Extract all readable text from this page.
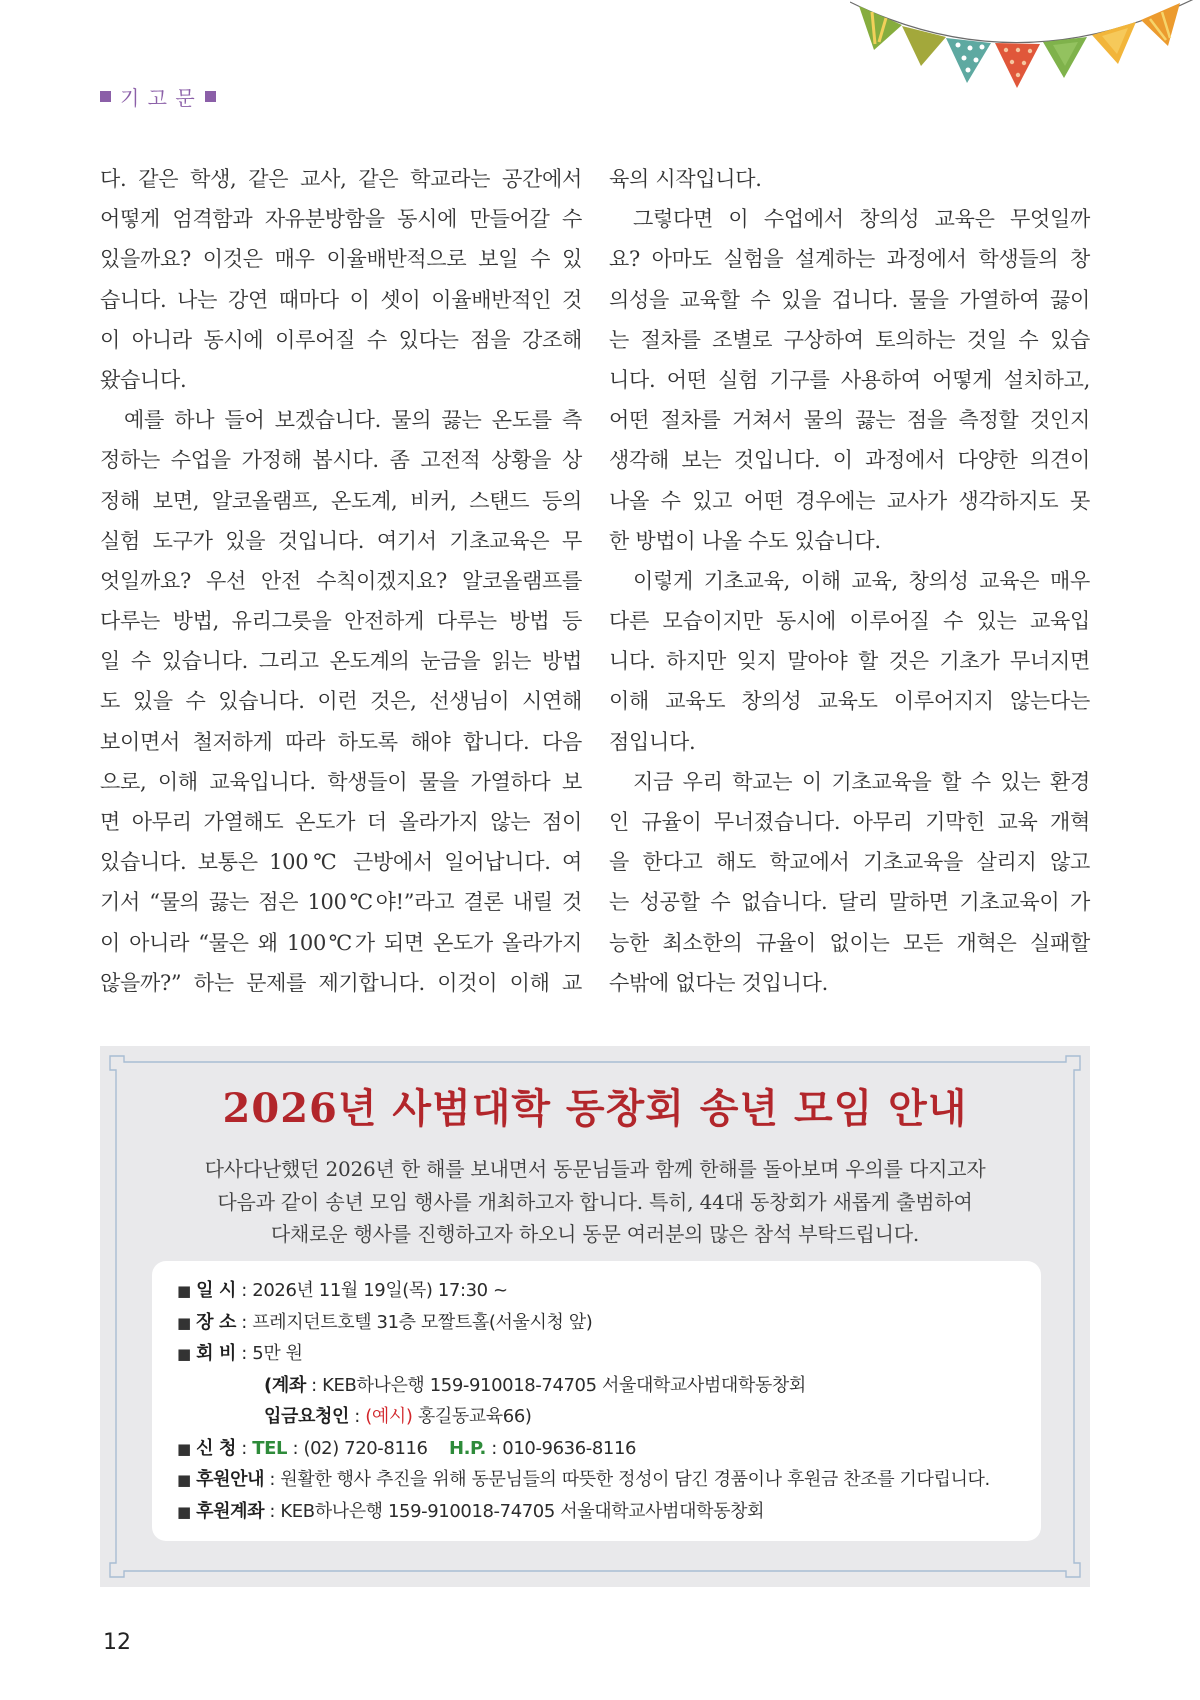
기 고 문
다. 같은 학생, 같은 교사, 같은 학교라는 공간에서
어떻게 엄격함과 자유분방함을 동시에 만들어갈 수
있을까요? 이것은 매우 이율배반적으로 보일 수 있
습니다. 나는 강연 때마다 이 셋이 이율배반적인 것
이 아니라 동시에 이루어질 수 있다는 점을 강조해
왔습니다.
예를 하나 들어 보겠습니다. 물의 끓는 온도를 측
정하는 수업을 가정해 봅시다. 좀 고전적 상황을 상
정해 보면, 알코올램프, 온도계, 비커, 스탠드 등의
실험 도구가 있을 것입니다. 여기서 기초교육은 무
엇일까요? 우선 안전 수칙이겠지요? 알코올램프를
다루는 방법, 유리그릇을 안전하게 다루는 방법 등
일 수 있습니다. 그리고 온도계의 눈금을 읽는 방법
도 있을 수 있습니다. 이런 것은, 선생님이 시연해
보이면서 철저하게 따라 하도록 해야 합니다. 다음
으로, 이해 교육입니다. 학생들이 물을 가열하다 보
면 아무리 가열해도 온도가 더 올라가지 않는 점이
있습니다. 보통은 100℃ 근방에서 일어납니다. 여
기서 “물의 끓는 점은 100℃야!”라고 결론 내릴 것
이 아니라 “물은 왜 100℃가 되면 온도가 올라가지
않을까?” 하는 문제를 제기합니다. 이것이 이해 교
육의 시작입니다.
그렇다면 이 수업에서 창의성 교육은 무엇일까
요? 아마도 실험을 설계하는 과정에서 학생들의 창
의성을 교육할 수 있을 겁니다. 물을 가열하여 끓이
는 절차를 조별로 구상하여 토의하는 것일 수 있습
니다. 어떤 실험 기구를 사용하여 어떻게 설치하고,
어떤 절차를 거쳐서 물의 끓는 점을 측정할 것인지
생각해 보는 것입니다. 이 과정에서 다양한 의견이
나올 수 있고 어떤 경우에는 교사가 생각하지도 못
한 방법이 나올 수도 있습니다.
이렇게 기초교육, 이해 교육, 창의성 교육은 매우
다른 모습이지만 동시에 이루어질 수 있는 교육입
니다. 하지만 잊지 말아야 할 것은 기초가 무너지면
이해 교육도 창의성 교육도 이루어지지 않는다는
점입니다.
지금 우리 학교는 이 기초교육을 할 수 있는 환경
인 규율이 무너졌습니다. 아무리 기막힌 교육 개혁
을 한다고 해도 학교에서 기초교육을 살리지 않고
는 성공할 수 없습니다. 달리 말하면 기초교육이 가
능한 최소한의 규율이 없이는 모든 개혁은 실패할
수밖에 없다는 것입니다.
2026년 사범대학 동창회 송년 모임 안내
다사다난했던 2026년 한 해를 보내면서 동문님들과 함께 한해를 돌아보며 우의를 다지고자
다음과 같이 송년 모임 행사를 개최하고자 합니다. 특히, 44대 동창회가 새롭게 출범하여
다채로운 행사를 진행하고자 하오니 동문 여러분의 많은 참석 부탁드립니다.
■ 일 시 : 2026년 11월 19일(목) 17:30 ~
■ 장 소 : 프레지던트호텔 31층 모짤트홀(서울시청 앞)
■ 회 비 : 5만 원
(계좌 : KEB하나은행 159-910018-74705 서울대학교사범대학동창회
입금요청인 : (예시) 홍길동교육66)
■ 신 청 : TEL : (02) 720-8116 H.P. : 010-9636-8116
■ 후원안내 : 원활한 행사 추진을 위해 동문님들의 따뜻한 정성이 담긴 경품이나 후원금 찬조를 기다립니다.
■ 후원계좌 : KEB하나은행 159-910018-74705 서울대학교사범대학동창회
12
